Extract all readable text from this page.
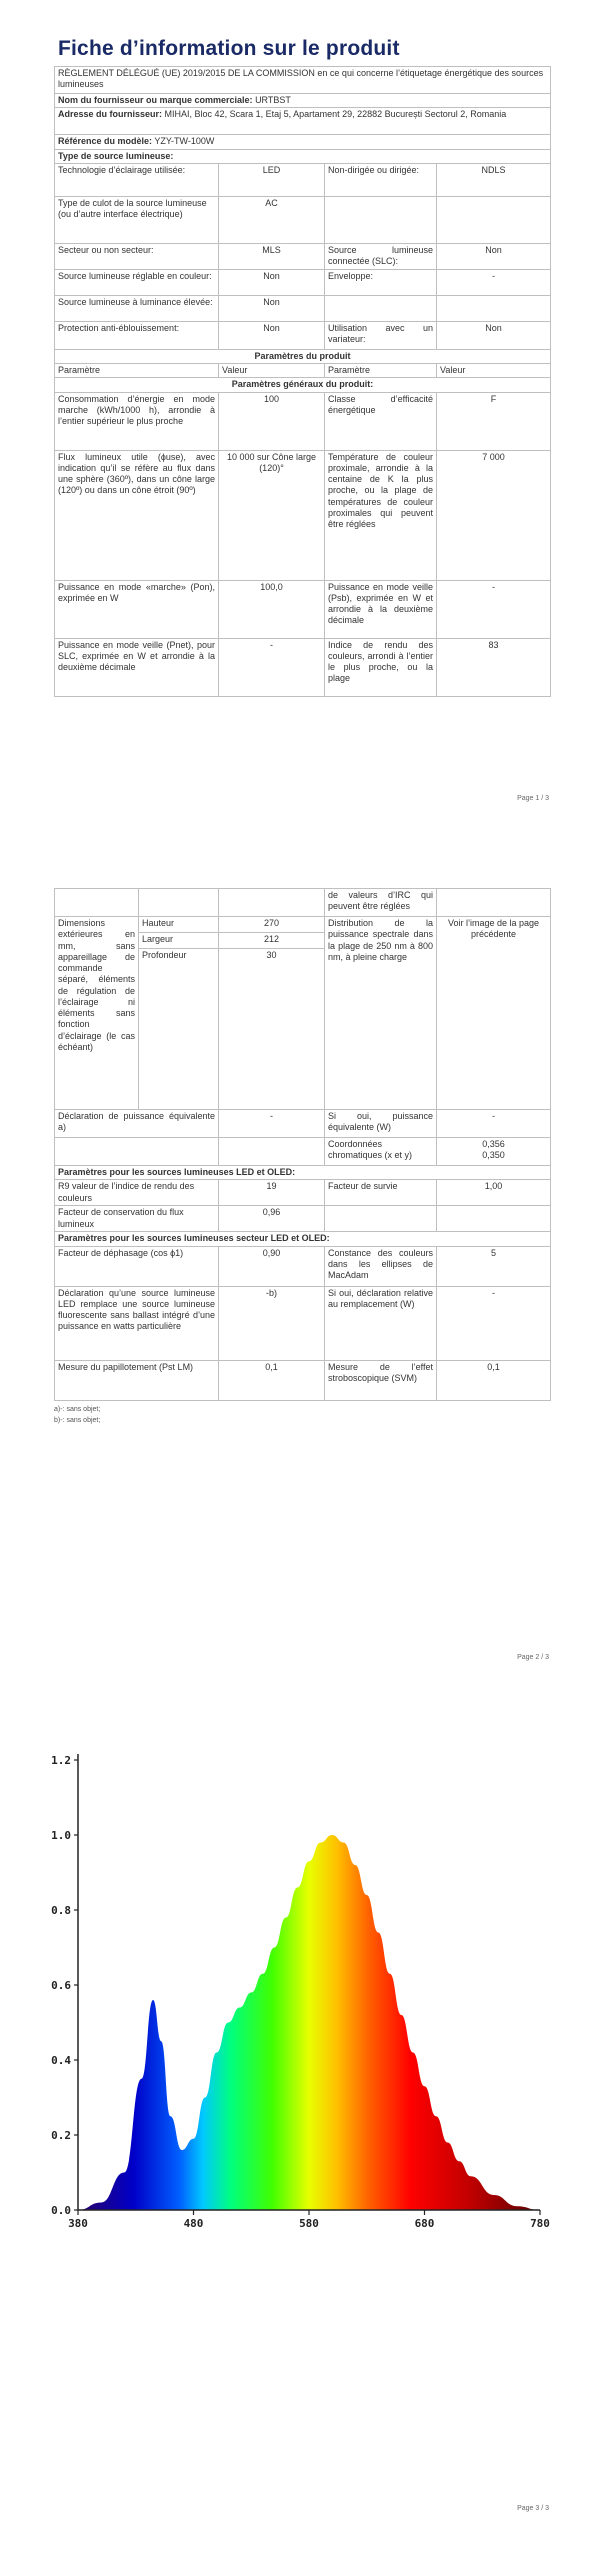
Fiche d’information sur le produit
RÈGLEMENT DÉLÉGUÉ (UE) 2019/2015 DE LA COMMISSION en ce qui concerne l’étiquetage énergétique des sources lumineuses			
Nom du fournisseur ou marque commerciale: URTBST			
Adresse du fournisseur: MIHAI, Bloc 42, Scara 1, Etaj 5, Apartament 29, 22882 București Sectorul 2, Romania			
Référence du modèle: YZY-TW-100W			
Type de source lumineuse:			
Technologie d’éclairage utilisée:	LED	Non-dirigée ou dirigée:	NDLS
Type de culot de la source lumineuse (ou d’autre interface électrique)	AC		
Secteur ou non secteur:	MLS	Source lumineuse connectée (SLC):	Non
Source lumineuse réglable en couleur:	Non	Enveloppe:	-
Source lumineuse à luminance élevée:	Non		
Protection anti-éblouissement:	Non	Utilisation avec un variateur:	Non
Paramètres du produit			
Paramètre	Valeur	Paramètre	Valeur
Paramètres généraux du produit:			
Consommation d’énergie en mode marche (kWh/1000 h), arrondie à l’entier supérieur le plus proche	100	Classe d’efficacité énergétique	F
Flux lumineux utile (ɸuse), avec indication qu’il se réfère au flux dans une sphère (360º), dans un cône large (120º) ou dans un cône étroit (90º)	10 000 sur Cône large (120)°	Température de couleur proximale, arrondie à la centaine de K la plus proche, ou la plage de températures de couleur proximales qui peuvent être réglées	7 000
Puissance en mode «marche» (Pon), exprimée en W	100,0	Puissance en mode veille (Psb), exprimée en W et arrondie à la deuxième décimale	-
Puissance en mode veille (Pnet), pour SLC, exprimée en W et arrondie à la deuxième décimale	-	Indice de rendu des couleurs, arrondi à l’entier le plus proche, ou la plage	83
Page 1 / 3
			de valeurs d’IRC qui peuvent être réglées	
Dimensions extérieures en mm, sans appareillage de commande séparé, éléments de régulation de l’éclairage ni éléments sans fonction d’éclairage (le cas échéant)	Hauteur	270	Distribution de la puissance spectrale dans la plage de 250 nm à 800 nm, à pleine charge	Voir l’image de la page précédente
	Largeur	212		
	Profondeur	30		
Déclaration de puissance équivalente a)		-	Si oui, puissance équivalente (W)	-
			Coordonnées chromatiques (x et y)	0,356
0,350
Paramètres pour les sources lumineuses LED et OLED:				
R9 valeur de l’indice de rendu des couleurs		19	Facteur de survie	1,00
Facteur de conservation du flux lumineux		0,96		
Paramètres pour les sources lumineuses secteur LED et OLED:				
Facteur de déphasage (cos ϕ1)		0,90	Constance des couleurs dans les ellipses de MacAdam	5
Déclaration qu’une source lumineuse LED remplace une source lumineuse fluorescente sans ballast intégré d’une puissance en watts particulière		-b)	Si oui, déclaration relative au remplacement (W)	-
Mesure du papillotement (Pst LM)		0,1	Mesure de l’effet stroboscopique (SVM)	0,1
a)-: sans objet;
b)-: sans objet;
Page 2 / 3
0.0
0.2
0.4
0.6
0.8
1.0
1.2
380	480	580	680	780
Page 3 / 3
